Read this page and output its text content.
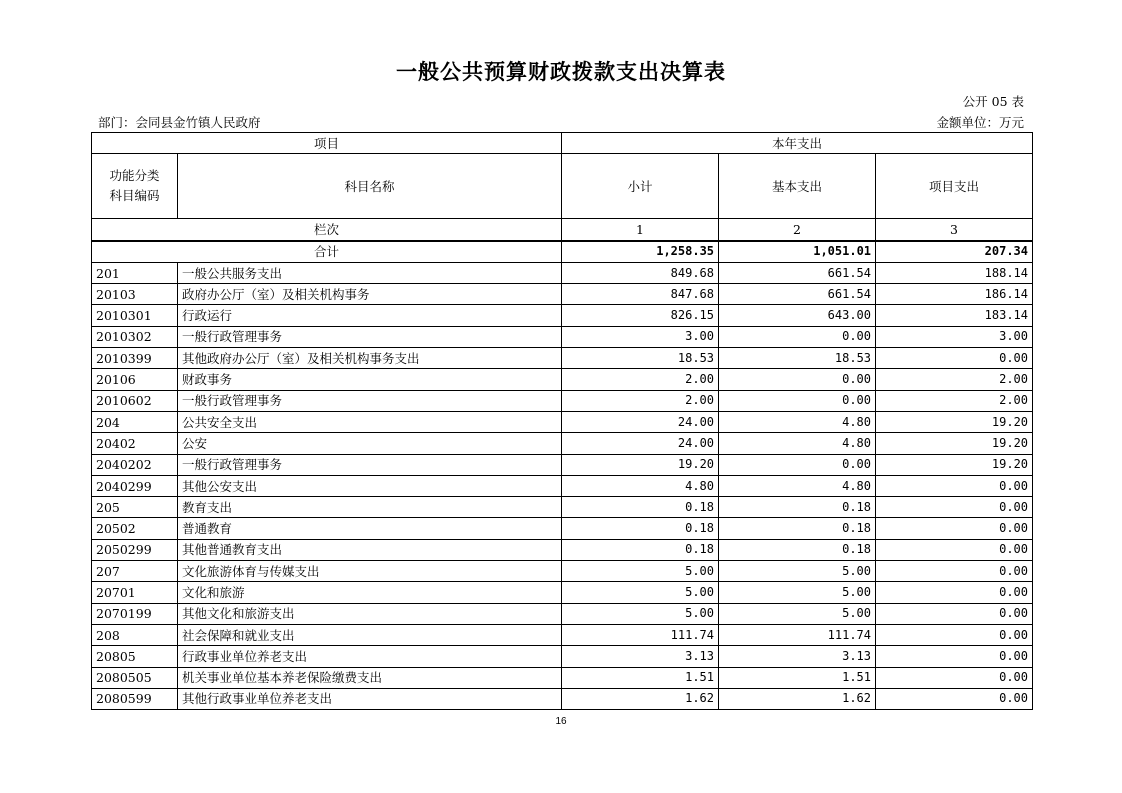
一般公共预算财政拨款支出决算表
公开 05 表
部门：会同县金竹镇人民政府	金额单位：万元
项目		本年支出		
功能分类
科目编码	科目名称	小计	基本支出	项目支出
栏次		1	2	3
合计		1,258.35	1,051.01	207.34
201	一般公共服务支出	849.68	661.54	188.14
20103	政府办公厅（室）及相关机构事务	847.68	661.54	186.14
2010301	行政运行	826.15	643.00	183.14
2010302	一般行政管理事务	3.00	0.00	3.00
2010399	其他政府办公厅（室）及相关机构事务支出	18.53	18.53	0.00
20106	财政事务	2.00	0.00	2.00
2010602	一般行政管理事务	2.00	0.00	2.00
204	公共安全支出	24.00	4.80	19.20
20402	公安	24.00	4.80	19.20
2040202	一般行政管理事务	19.20	0.00	19.20
2040299	其他公安支出	4.80	4.80	0.00
205	教育支出	0.18	0.18	0.00
20502	普通教育	0.18	0.18	0.00
2050299	其他普通教育支出	0.18	0.18	0.00
207	文化旅游体育与传媒支出	5.00	5.00	0.00
20701	文化和旅游	5.00	5.00	0.00
2070199	其他文化和旅游支出	5.00	5.00	0.00
208	社会保障和就业支出	111.74	111.74	0.00
20805	行政事业单位养老支出	3.13	3.13	0.00
2080505	机关事业单位基本养老保险缴费支出	1.51	1.51	0.00
2080599	其他行政事业单位养老支出	1.62	1.62	0.00
16
